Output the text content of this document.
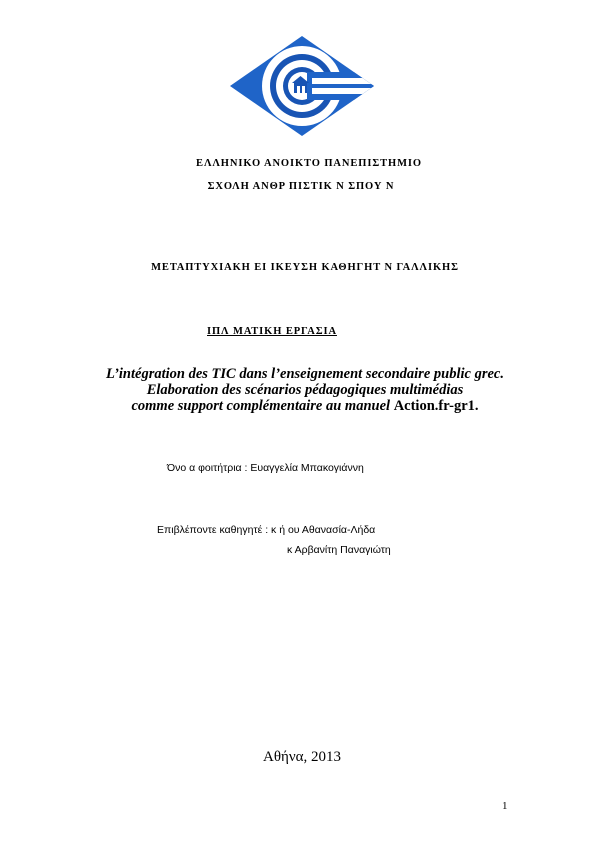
ΕΛΛΗΝΙΚΟ ΑΝΟΙΚΤΟ ΠΑΝΕΠΙΣΤΗΜΙΟ
ΣΧΟΛΗ ΑΝΘΡ ΠΙΣΤΙΚ Ν ΣΠΟΥ Ν
ΜΕΤΑΠΤΥΧΙΑΚΗ ΕΙ ΙΚΕΥΣΗ ΚΑΘΗΓΗΤ Ν ΓΑΛΛΙΚΗΣ
ΙΠΛ ΜΑΤΙΚΗ ΕΡΓΑΣΙΑ
L’intégration des TIC dans l’enseignement secondaire public grec.
Elaboration des scénarios pédagogiques multimédias
comme support complémentaire au manuel Action.fr-gr1.
Όνο α φοιτήτρια : Ευαγγελία Μπακογιάννη
Επιβλέποντε καθηγητέ : κ ή ου Αθανασία-Λήδα
κ Αρβανίτη Παναγιώτη
Αθήνα, 2013
1
